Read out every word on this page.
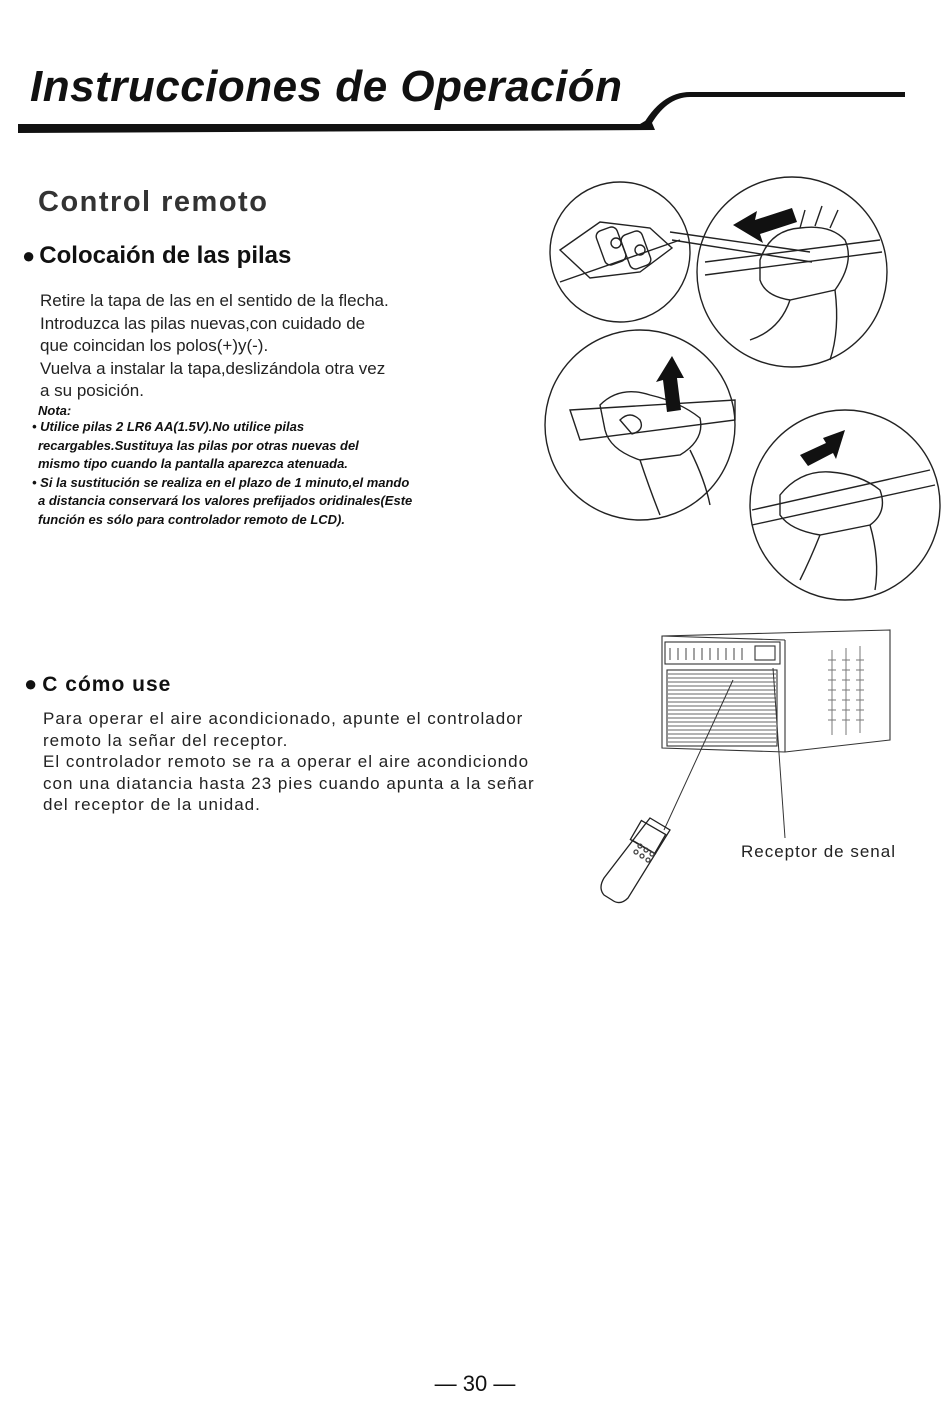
Instrucciones de Operación
Control remoto
● Colocaión de las pilas
Retire la tapa de las en el sentido de la flecha.
Introduzca las pilas nuevas,con cuidado de
que coincidan los polos(+)y(-).
Vuelva a instalar la tapa,deslizándola otra vez
a su posición.
Nota:
• Utilice pilas 2 LR6 AA(1.5V).No utilice pilas
recargables.Sustituya las pilas por otras nuevas del
mismo tipo cuando la pantalla aparezca atenuada.
• Si la sustitución se realiza en el plazo de 1 minuto,el mando
a distancia conservará los valores prefijados oridinales(Este
función es sólo para controlador remoto de LCD).
● C cómo use
Para operar el aire acondicionado, apunte el controlador
remoto la señar del receptor.
El controlador remoto se ra a operar el aire acondiciondo
con una diatancia hasta 23 pies cuando apunta a la señar
del receptor de la unidad.
Receptor de senal
— 30 —
